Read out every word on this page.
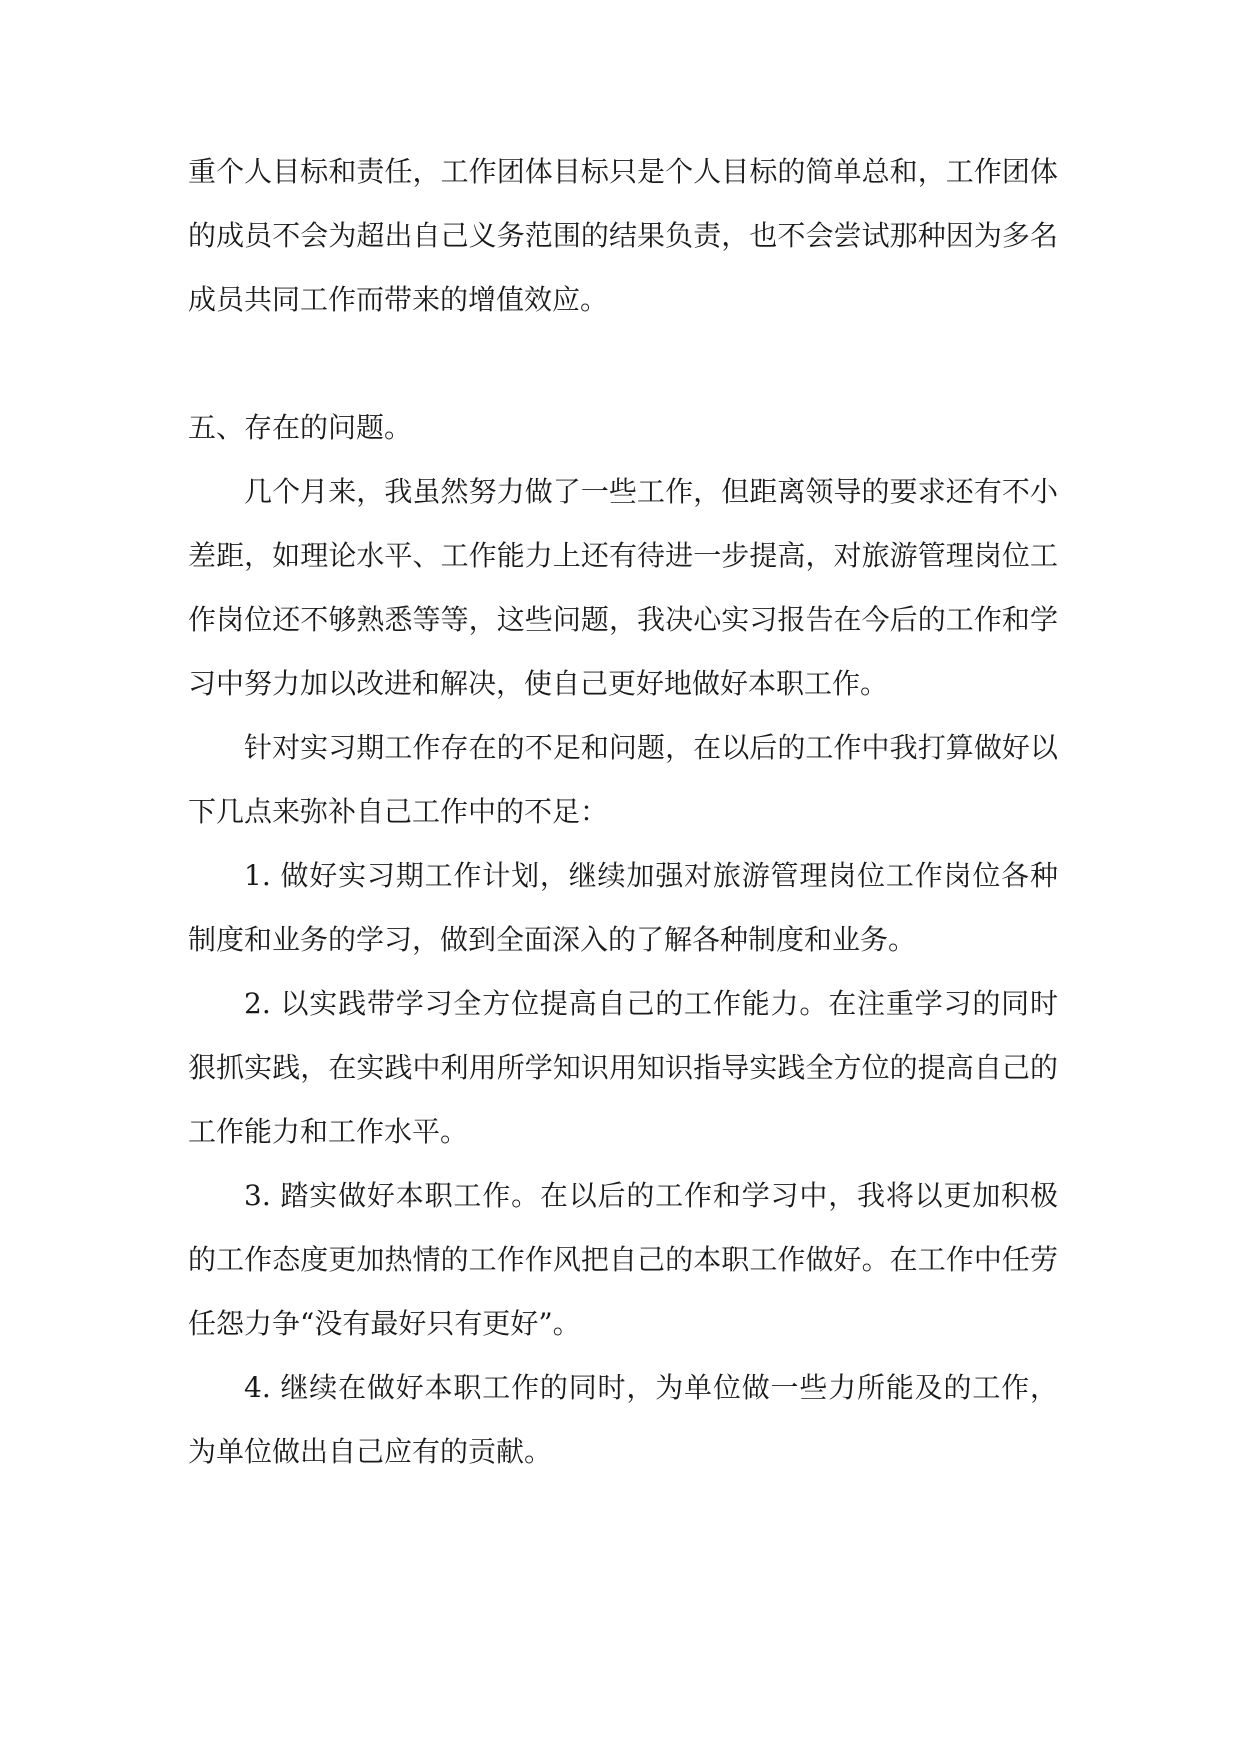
重个人目标和责任，工作团体目标只是个人目标的简单总和，工作团体的成员不会为超出自己义务范围的结果负责，也不会尝试那种因为多名成员共同工作而带来的增值效应。

五、存在的问题。

几个月来，我虽然努力做了一些工作，但距离领导的要求还有不小差距，如理论水平、工作能力上还有待进一步提高，对旅游管理岗位工作岗位还不够熟悉等等，这些问题，我决心实习报告在今后的工作和学习中努力加以改进和解决，使自己更好地做好本职工作。

针对实习期工作存在的不足和问题，在以后的工作中我打算做好以下几点来弥补自己工作中的不足：

1. 做好实习期工作计划，继续加强对旅游管理岗位工作岗位各种制度和业务的学习，做到全面深入的了解各种制度和业务。

2. 以实践带学习全方位提高自己的工作能力。在注重学习的同时狠抓实践，在实践中利用所学知识用知识指导实践全方位的提高自己的工作能力和工作水平。

3. 踏实做好本职工作。在以后的工作和学习中，我将以更加积极的工作态度更加热情的工作作风把自己的本职工作做好。在工作中任劳任怨力争“没有最好只有更好”。

4. 继续在做好本职工作的同时，为单位做一些力所能及的工作，为单位做出自己应有的贡献。
